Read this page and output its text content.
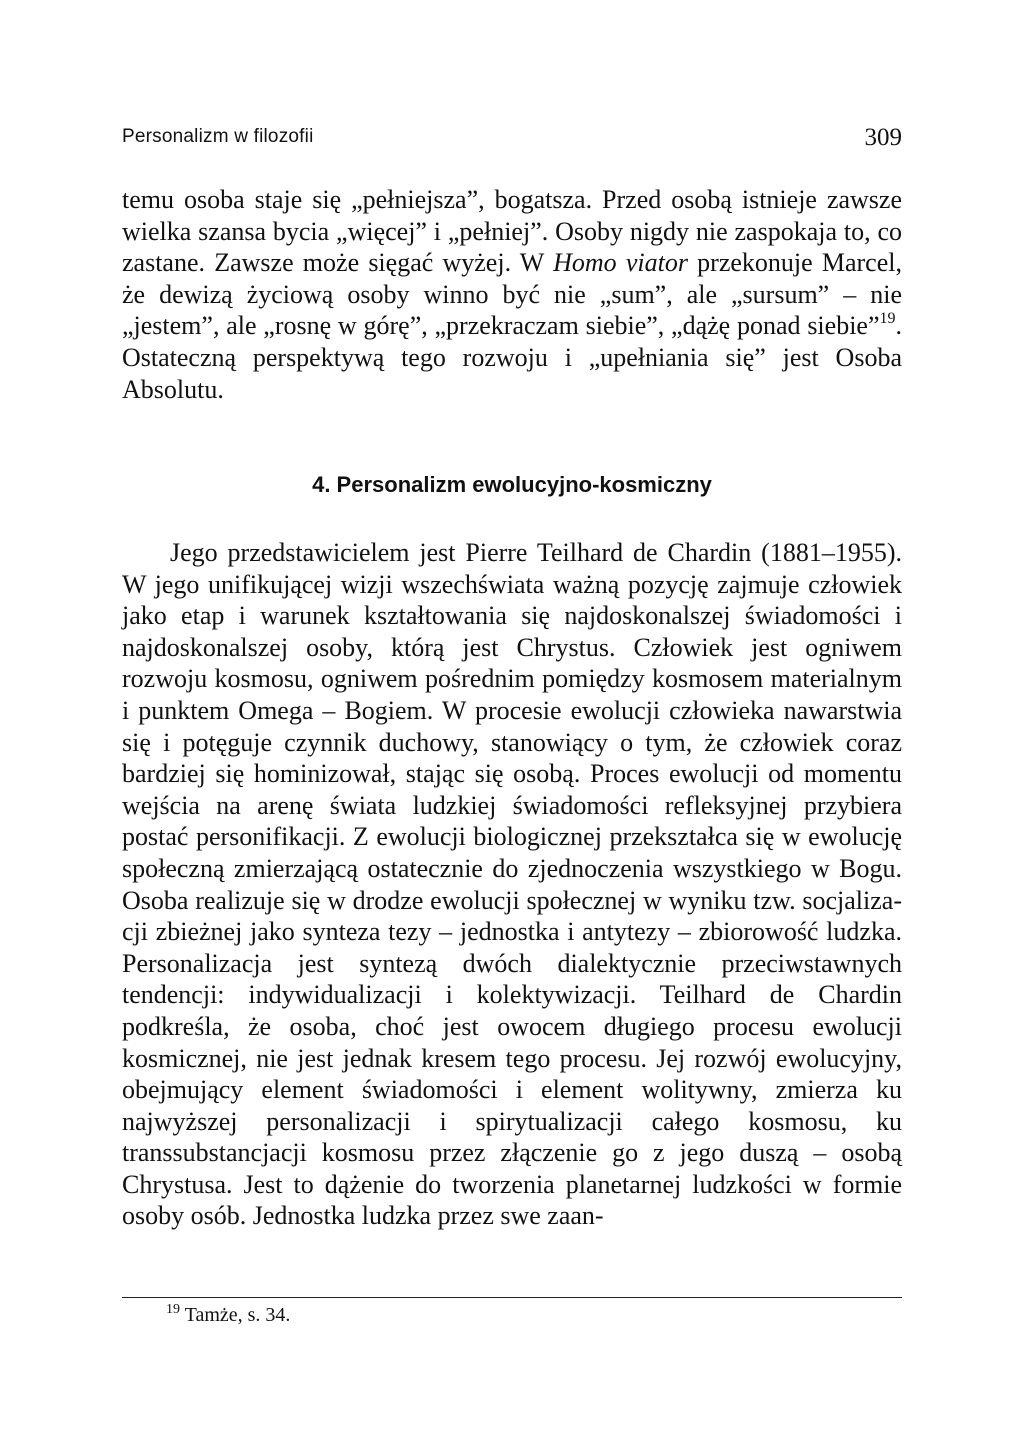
Personalizm w filozofii	309
temu osoba staje się „pełniejsza”, bogatsza. Przed osobą istnieje zawsze wielka szansa bycia „więcej” i „pełniej”. Osoby nigdy nie zaspokaja to, co zastane. Zawsze może sięgać wyżej. W Homo viator przekonuje Marcel, że dewizą życiową osoby winno być nie „sum”, ale „sursum” – nie „jestem”, ale „rosnę w górę”, „przekraczam siebie”, „dążę ponad siebie”$^{19}$. Ostateczną perspektywą tego rozwoju i „upełniania się” jest Osoba Absolutu.
4. Personalizm ewolucyjno-kosmiczny
Jego przedstawicielem jest Pierre Teilhard de Chardin (1881–1955). W jego unifikującej wizji wszechświata ważną pozycję zajmuje człowiek jako etap i warunek kształtowania się najdoskonalszej świadomości i najdoskonalszej osoby, którą jest Chrystus. Człowiek jest ogniwem rozwoju kosmosu, ogniwem pośrednim pomiędzy kosmosem materialnym i punktem Omega – Bogiem. W procesie ewolucji człowieka nawarstwia się i potęguje czynnik duchowy, stanowiący o tym, że człowiek coraz bardziej się hominizował, stając się osobą. Proces ewolucji od momentu wejścia na arenę świata ludzkiej świadomości refleksyjnej przybiera postać personifikacji. Z ewolucji biologicznej przekształca się w ewolucję społeczną zmierzającą ostatecznie do zjednoczenia wszystkiego w Bogu. Osoba realizuje się w drodze ewolucji społecznej w wyniku tzw. socjalizacji zbieżnej jako synteza tezy – jednostka i antytezy – zbiorowość ludzka. Personalizacja jest syntezą dwóch dialektycznie przeciwstawnych tendencji: indywidualizacji i kolektywizacji. Teilhard de Chardin podkreśla, że osoba, choć jest owocem długiego procesu ewolucji kosmicznej, nie jest jednak kresem tego procesu. Jej rozwój ewolucyjny, obejmujący element świadomości i element wolitywny, zmierza ku najwyższej personalizacji i spirytualizacji całego kosmosu, ku transsubstancjacji kosmosu przez złączenie go z jego duszą – osobą Chrystusa. Jest to dążenie do tworzenia planetarnej ludzkości w formie osoby osób. Jednostka ludzka przez swe zaan-
$^{19}$ Tamże, s. 34.
